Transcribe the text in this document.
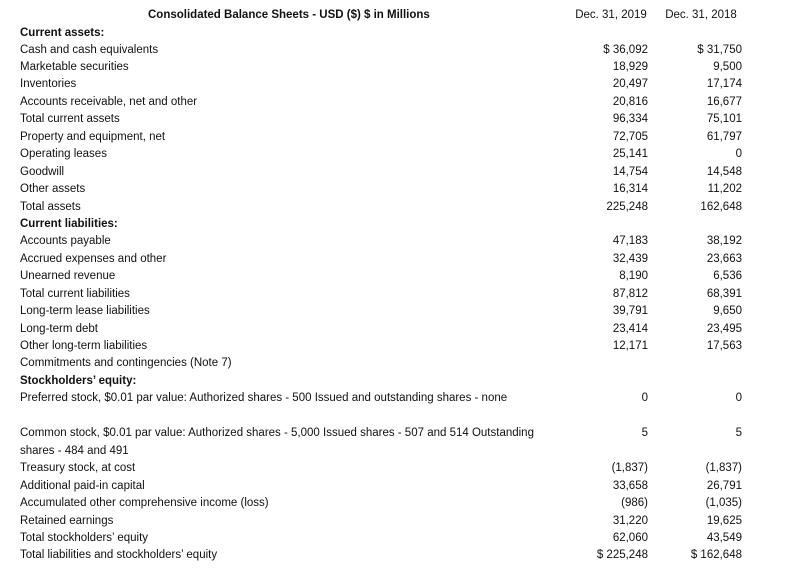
Consolidated Balance Sheets - USD ($) $ in Millions	Dec. 31, 2019	Dec. 31, 2018
Current assets:
Cash and cash equivalents	$ 36,092	$ 31,750
Marketable securities	18,929	9,500
Inventories	20,497	17,174
Accounts receivable, net and other	20,816	16,677
Total current assets	96,334	75,101
Property and equipment, net	72,705	61,797
Operating leases	25,141	0
Goodwill	14,754	14,548
Other assets	16,314	11,202
Total assets	225,248	162,648
Current liabilities:
Accounts payable	47,183	38,192
Accrued expenses and other	32,439	23,663
Unearned revenue	8,190	6,536
Total current liabilities	87,812	68,391
Long-term lease liabilities	39,791	9,650
Long-term debt	23,414	23,495
Other long-term liabilities	12,171	17,563
Commitments and contingencies (Note 7)
Stockholders’ equity:
Preferred stock, $0.01 par value: Authorized shares - 500 Issued and outstanding shares - none	0	0
Common stock, $0.01 par value: Authorized shares - 5,000 Issued shares - 507 and 514 Outstanding	5	5
shares - 484 and 491
Treasury stock, at cost	(1,837)	(1,837)
Additional paid-in capital	33,658	26,791
Accumulated other comprehensive income (loss)	(986)	(1,035)
Retained earnings	31,220	19,625
Total stockholders’ equity	62,060	43,549
Total liabilities and stockholders’ equity	$ 225,248	$ 162,648
